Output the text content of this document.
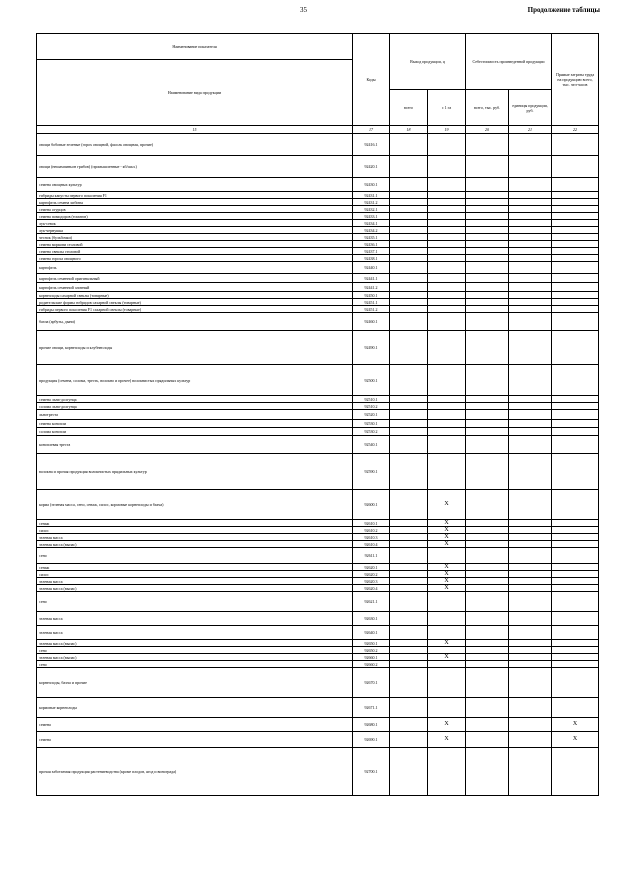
35	Продолжение таблицы
Наименование показателя	Коды	Выход продукции, ц		Себестоимость произведенной продукции		Прямые затраты труда на продукцию всего, тыс. чел-часов
Наименование вида продукции						
		всего	с 1 га	всего, тыс. руб.	единицы продукции, руб.	
15	17	18	19	20	21	22
овощи бобовые зеленые (горох овощной, фасоль овощная, прочие)	92416.1					
овощи (нешампиньон грибов) (промышленные - кб/шал.)	92420.1					
семена овощных культур	92430.1					
гибриды капусты первого поколения F1	92431.1					
картофель семена хибиты	92431.2					
семена огурцов	92432.1					
семена помидоров (томатов)	92433.1					
лук-севок	92434.1					
лук-чернушка	92434.2					
чеснок (бульбочки)	92435.1					
семена моркови столовой	92436.1					
семена свеклы столовой	92437.1					
семена гороха овощного	92438.1					
картофель	92440.1					
картофель семенной оригинальный	92441.1					
картофель семенной элитный	92441.2					
корнеплоды сахарной свеклы (товарные)	92450.1					
родительские формы гибридов сахарной свеклы (товарные)	92451.1					
гибриды первого поколения F1 сахарной свеклы (товарные)	92451.2					
бахча (арбузы, дыни)	92460.1					
прочие овощи, корнеплоды и клубнеплоды	92490.1					
продукция (семена, солома, тресть, волокно и прочее) волокнистых прядильных культур	92500.1					
семена льна-долгунца	92510.1					
солома льна-долгунца	92510.2					
льнотреста	92520.1					
семена конопли	92530.1					
солома конопли	92530.2					
коноплевая треста	92540.1					
волокна и прочая продукция волокнистых прядильных культур	92590.1					
корма (зеленая масса, сено, сенаж, силос, кормовые корнеплоды и бахча)	92600.1		X			
сенаж	92610.1		X			
силос	92610.2		X			
зеленая масса	92610.3		X			
зеленая масса (выпас)	92610.4		X			
сено	92611.1					
сенаж	92620.1		X			
силос	92620.2		X			
зеленая масса	92620.3		X			
зеленая масса (выпас)	92620.4		X			
сено	92621.1					
зеленая масса	92630.1					
зеленая масса	92640.1					
зеленая масса (выпас)	92650.1		X			
сено	92650.2					
зеленая масса (выпас)	92660.1		X			
сено	92660.2					
корнеплоды, бахча и прочие	92670.1					
кормовые корнеплоды	92671.1					
семена	92680.1		X			X
семена	92690.1		X			X
прочая заботаемая продукция растениеводства (кроме плодов, ягод и винограда)	92700.1					
